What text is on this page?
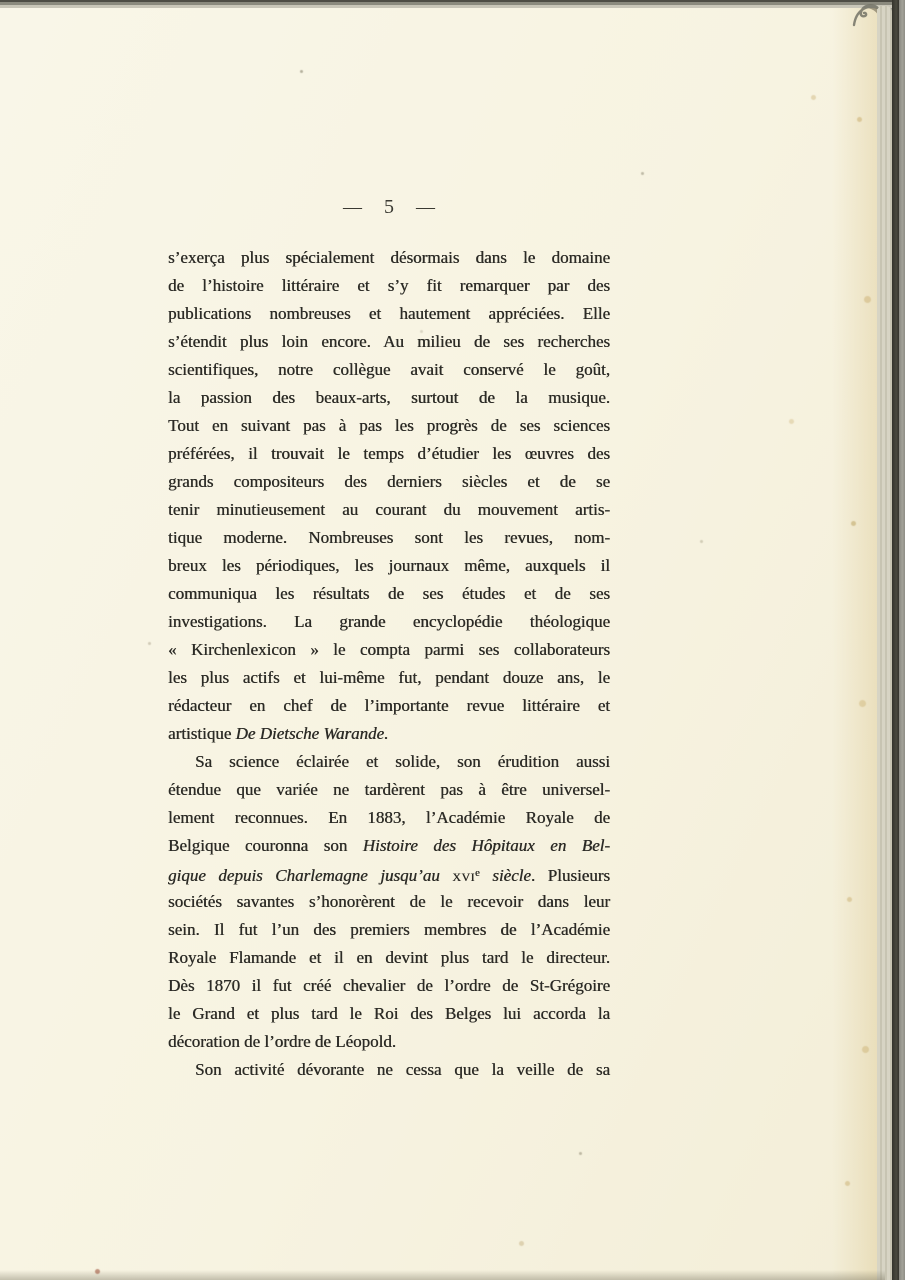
— 5 —
s’exerça plus spécialement désormais dans le domaine
de l’histoire littéraire et s’y fit remarquer par des
publications nombreuses et hautement appréciées. Elle
s’étendit plus loin encore. Au milieu de ses recherches
scientifiques, notre collègue avait conservé le goût,
la passion des beaux-arts, surtout de la musique.
Tout en suivant pas à pas les progrès de ses sciences
préférées, il trouvait le temps d’étudier les œuvres des
grands compositeurs des derniers siècles et de se
tenir minutieusement au courant du mouvement artis-
tique moderne. Nombreuses sont les revues, nom-
breux les périodiques, les journaux même, auxquels il
communiqua les résultats de ses études et de ses
investigations. La grande encyclopédie théologique
« Kirchenlexicon » le compta parmi ses collaborateurs
les plus actifs et lui-même fut, pendant douze ans, le
rédacteur en chef de l’importante revue littéraire et
artistique De Dietsche Warande.
Sa science éclairée et solide, son érudition aussi
étendue que variée ne tardèrent pas à être universel-
lement reconnues. En 1883, l’Académie Royale de
Belgique couronna son Histoire des Hôpitaux en Bel-
gique depuis Charlemagne jusqu’au xvi$^e$ siècle. Plusieurs
sociétés savantes s’honorèrent de le recevoir dans leur
sein. Il fut l’un des premiers membres de l’Académie
Royale Flamande et il en devint plus tard le directeur.
Dès 1870 il fut créé chevalier de l’ordre de St-Grégoire
le Grand et plus tard le Roi des Belges lui accorda la
décoration de l’ordre de Léopold.
Son activité dévorante ne cessa que la veille de sa
